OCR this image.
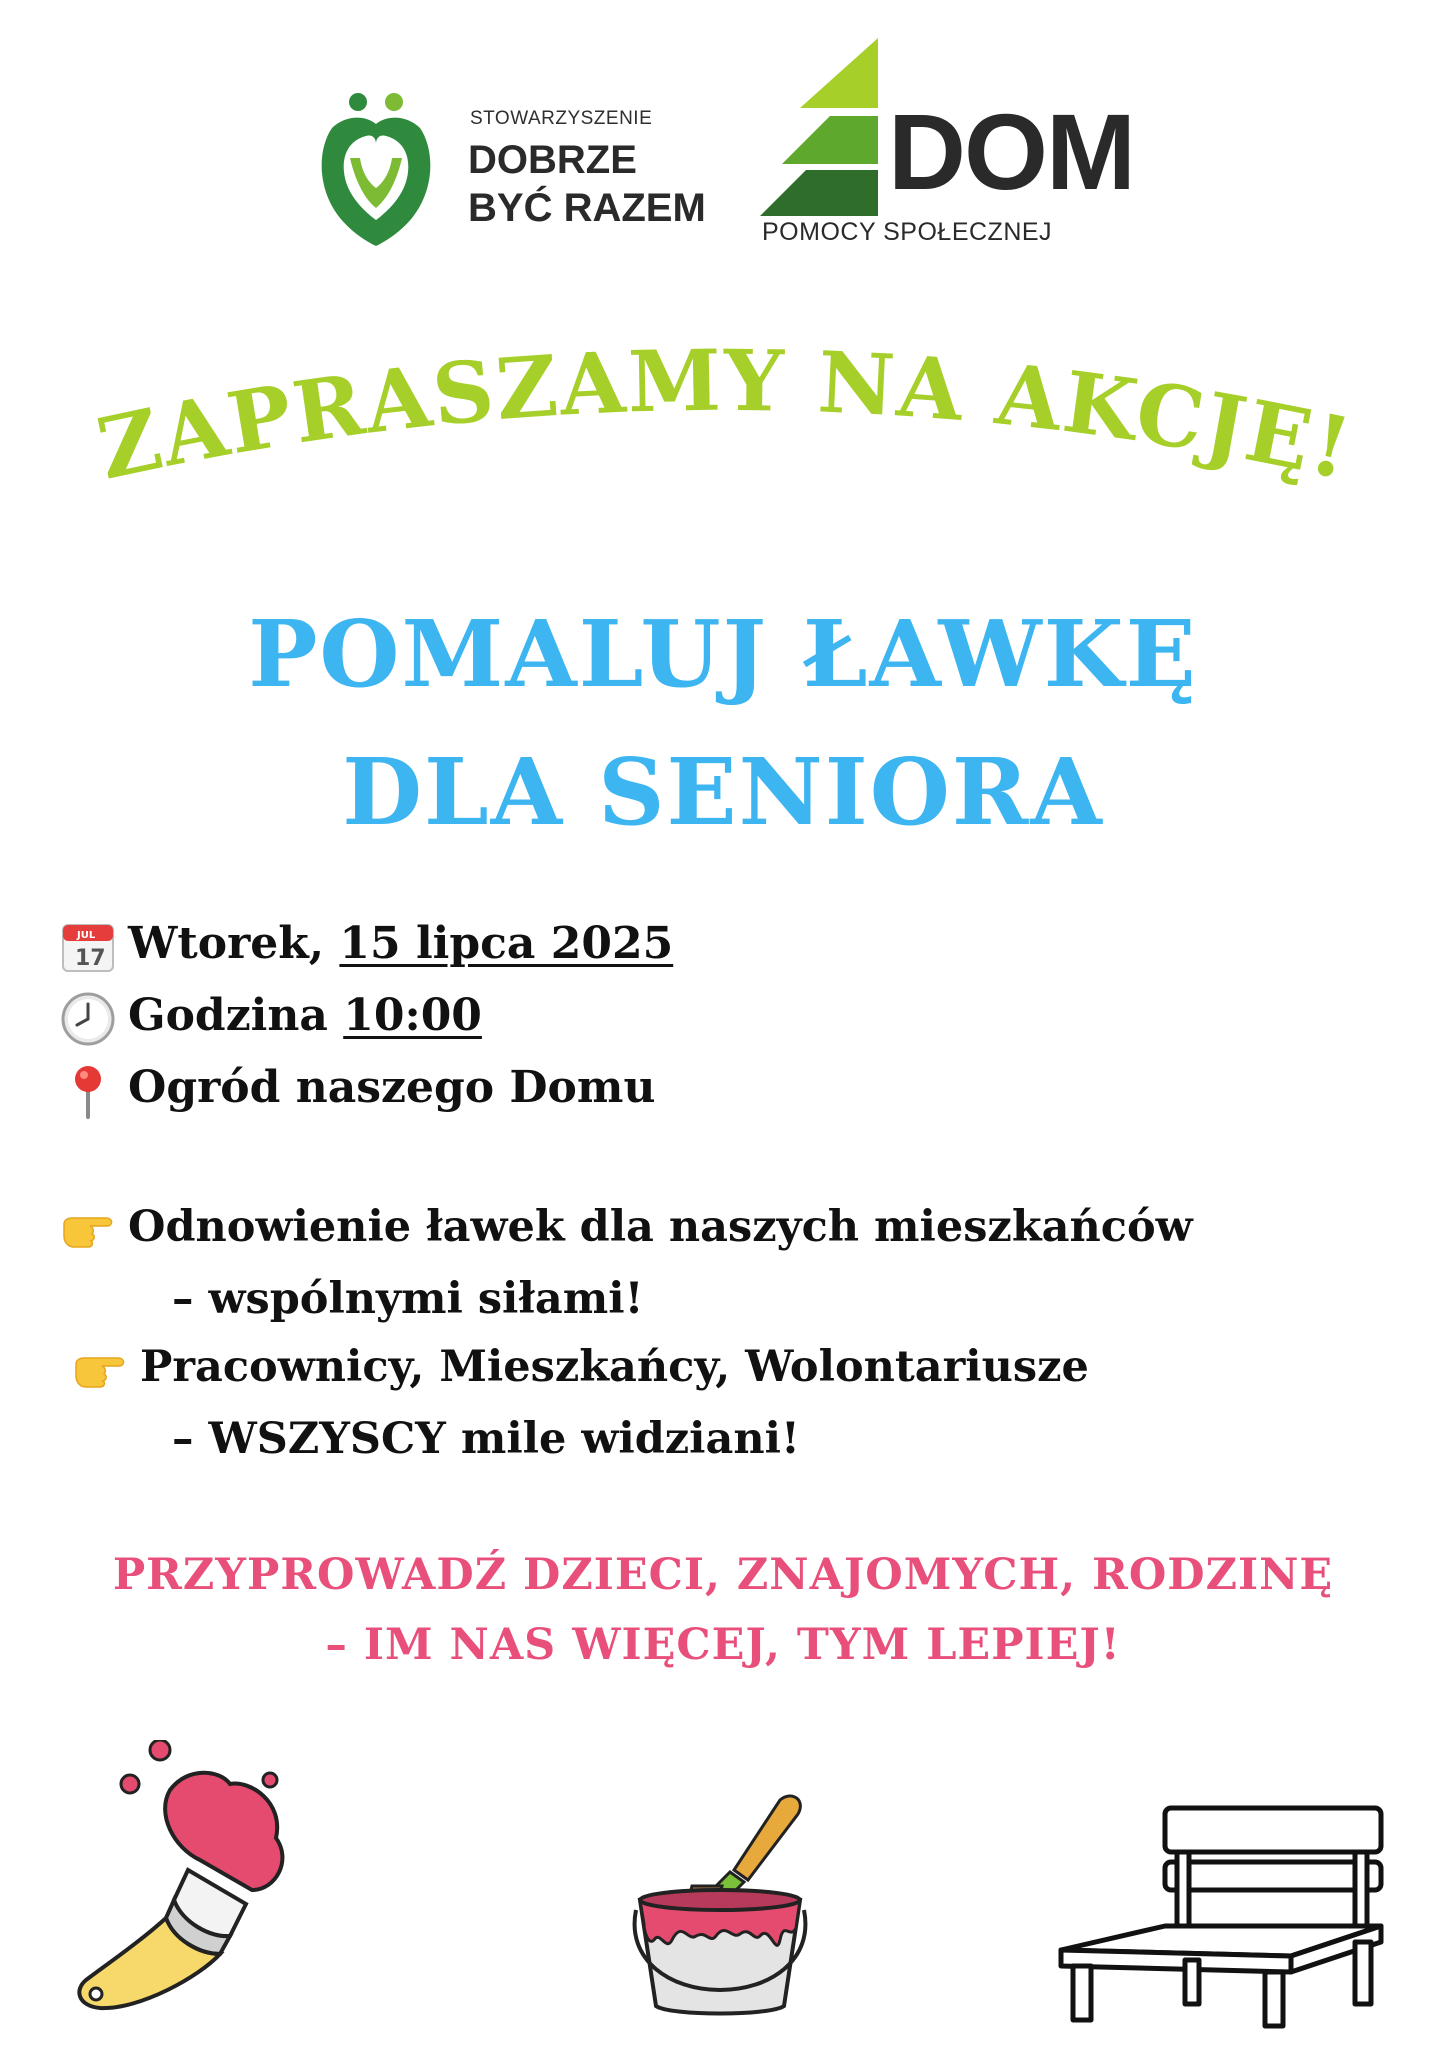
STOWARZYSZENIE
DOBRZE
BYĆ RAZEM DOM
POMOCY SPOŁECZNEJ
ZAPRASZAMY NA AKCJĘ!
POMALUJ ŁAWKĘ
DLA SENIORA
JUL
17 Wtorek, 15 lipca 2025
Godzina 10:00
Ogród naszego Domu
Odnowienie ławek dla naszych mieszkańców
– wspólnymi siłami!
Pracownicy, Mieszkańcy, Wolontariusze
– WSZYSCY mile widziani!
PRZYPROWADŹ DZIECI, ZNAJOMYCH, RODZINĘ
– IM NAS WIĘCEJ, TYM LEPIEJ!
